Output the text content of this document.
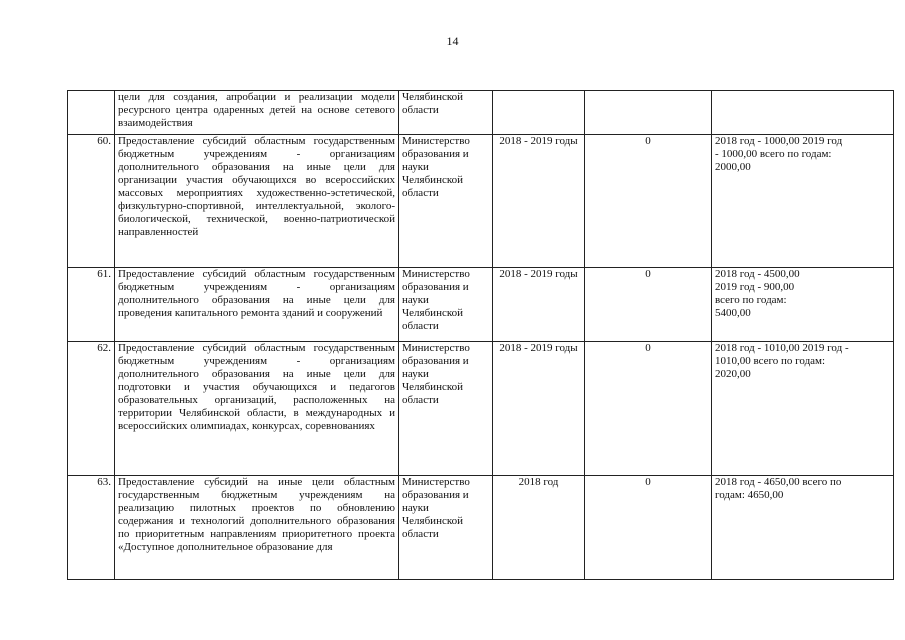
14

	цели для создания, апробации и реализации модели ресурсного центра одаренных детей на основе сетевого взаимодействия	Челябинской области			

60.	Предоставление субсидий областным государственным бюджетным учреждениям - организациям дополнительного образования на иные цели для организации участия обучающихся во всероссийских массовых мероприятиях художественно-эстетической, физкультурно-спортивной, интеллектуальной, эколого-биологической, технической, военно-патриотической направленностей	Министерство образования и науки Челябинской области	2018 - 2019 годы	0	2018 год - 1000,00 2019 год - 1000,00 всего по годам: 2000,00

61.	Предоставление субсидий областным государственным бюджетным учреждениям - организациям дополнительного образования на иные цели для проведения капитального ремонта зданий и сооружений	Министерство образования и науки Челябинской области	2018 - 2019 годы	0	2018 год - 4500,00 2019 год - 900,00 всего по годам: 5400,00

62.	Предоставление субсидий областным государственным бюджетным учреждениям - организациям дополнительного образования на иные цели для подготовки и участия обучающихся и педагогов образовательных организаций, расположенных на территории Челябинской области, в международных и всероссийских олимпиадах, конкурсах, соревнованиях	Министерство образования и науки Челябинской области	2018 - 2019 годы	0	2018 год - 1010,00 2019 год - 1010,00 всего по годам: 2020,00

63.	Предоставление субсидий на иные цели областным государственным бюджетным учреждениям на реализацию пилотных проектов по обновлению содержания и технологий дополнительного образования по приоритетным направлениям приоритетного проекта «Доступное дополнительное образование для	Министерство образования и науки Челябинской области	2018 год	0	2018 год - 4650,00 всего по годам: 4650,00
